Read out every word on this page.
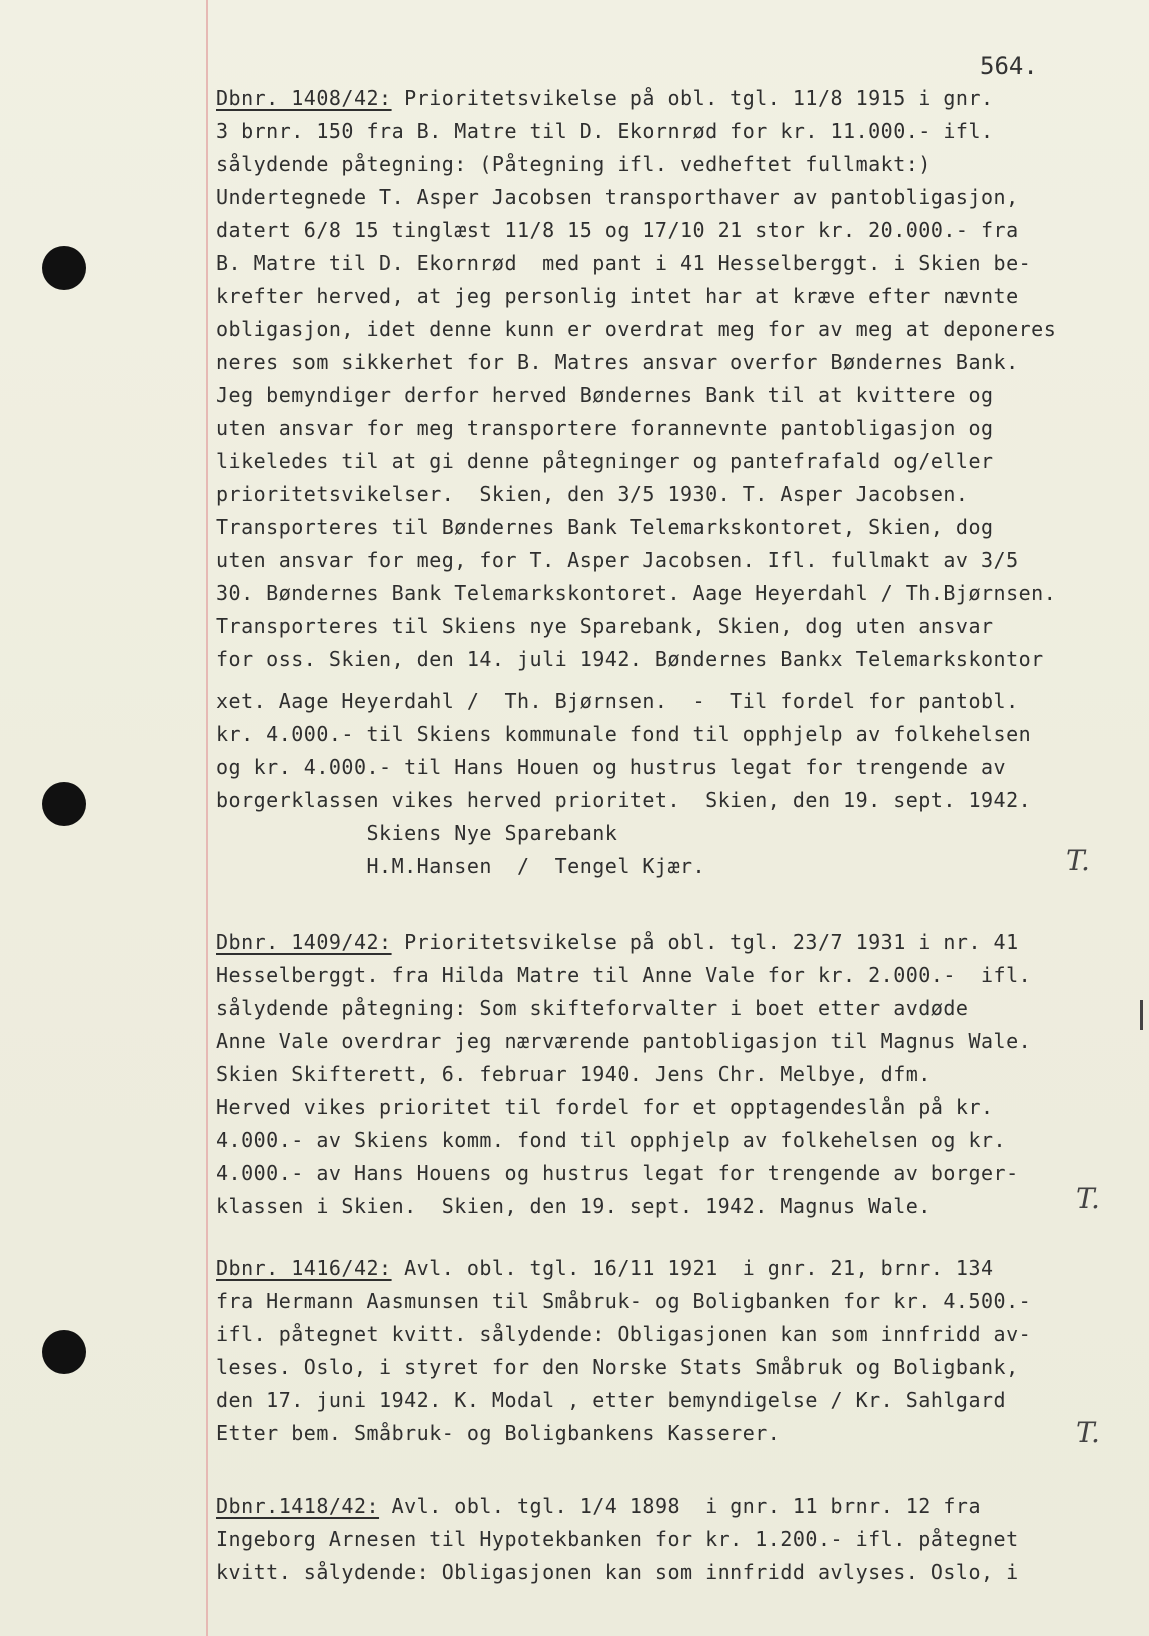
564.
Dbnr. 1408/42: Prioritetsvikelse på obl. tgl. 11/8 1915 i gnr.
3 brnr. 150 fra B. Matre til D. Ekornrød for kr. 11.000.- ifl.
sålydende påtegning: (Påtegning ifl. vedheftet fullmakt:)
Undertegnede T. Asper Jacobsen transporthaver av pantobligasjon,
datert 6/8 15 tinglæst 11/8 15 og 17/10 21 stor kr. 20.000.- fra
B. Matre til D. Ekornrød  med pant i 41 Hesselberggt. i Skien be-
krefter herved, at jeg personlig intet har at kræve efter nævnte
obligasjon, idet denne kunn er overdrat meg for av meg at deponeres
neres som sikkerhet for B. Matres ansvar overfor Bøndernes Bank.
Jeg bemyndiger derfor herved Bøndernes Bank til at kvittere og
uten ansvar for meg transportere forannevnte pantobligasjon og
likeledes til at gi denne påtegninger og pantefrafald og/eller
prioritetsvikelser.  Skien, den 3/5 1930. T. Asper Jacobsen.
Transporteres til Bøndernes Bank Telemarkskontoret, Skien, dog
uten ansvar for meg, for T. Asper Jacobsen. Ifl. fullmakt av 3/5
30. Bøndernes Bank Telemarkskontoret. Aage Heyerdahl / Th.Bjørnsen.
Transporteres til Skiens nye Sparebank, Skien, dog uten ansvar
for oss. Skien, den 14. juli 1942. Bøndernes Bankx Telemarkskontor
xet. Aage Heyerdahl /  Th. Bjørnsen.  -  Til fordel for pantobl.
kr. 4.000.- til Skiens kommunale fond til opphjelp av folkehelsen
og kr. 4.000.- til Hans Houen og hustrus legat for trengende av
borgerklassen vikes herved prioritet.  Skien, den 19. sept. 1942.
Skiens Nye Sparebank
H.M.Hansen  /  Tengel Kjær.	T.
Dbnr. 1409/42: Prioritetsvikelse på obl. tgl. 23/7 1931 i nr. 41
Hesselberggt. fra Hilda Matre til Anne Vale for kr. 2.000.-  ifl.
sålydende påtegning: Som skifteforvalter i boet etter avdøde
Anne Vale overdrar jeg nærværende pantobligasjon til Magnus Wale.
Skien Skifterett, 6. februar 1940. Jens Chr. Melbye, dfm.
Herved vikes prioritet til fordel for et opptagendeslån på kr.
4.000.- av Skiens komm. fond til opphjelp av folkehelsen og kr.
4.000.- av Hans Houens og hustrus legat for trengende av borger-
klassen i Skien.  Skien, den 19. sept. 1942. Magnus Wale.	T.
Dbnr. 1416/42: Avl. obl. tgl. 16/11 1921  i gnr. 21, brnr. 134
fra Hermann Aasmunsen til Småbruk- og Boligbanken for kr. 4.500.-
ifl. påtegnet kvitt. sålydende: Obligasjonen kan som innfridd av-
leses. Oslo, i styret for den Norske Stats Småbruk og Boligbank,
den 17. juni 1942. K. Modal , etter bemyndigelse / Kr. Sahlgard
Etter bem. Småbruk- og Boligbankens Kasserer.	T.
Dbnr.1418/42: Avl. obl. tgl. 1/4 1898  i gnr. 11 brnr. 12 fra
Ingeborg Arnesen til Hypotekbanken for kr. 1.200.- ifl. påtegnet
kvitt. sålydende: Obligasjonen kan som innfridd avlyses. Oslo, i
